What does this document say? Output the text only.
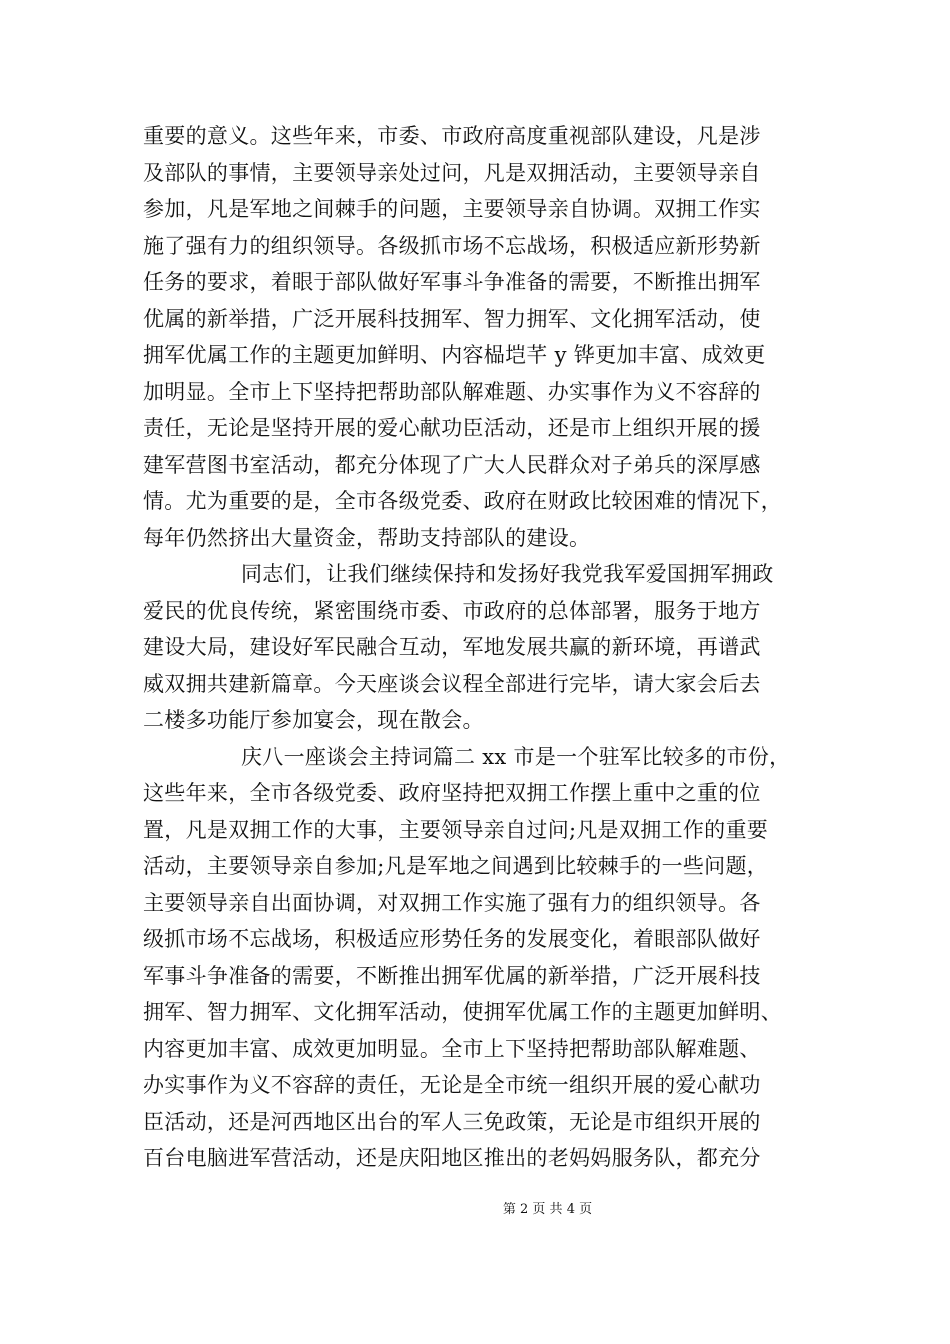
重要的意义。这些年来，市委、市政府高度重视部队建设，凡是涉
及部队的事情，主要领导亲处过问，凡是双拥活动，主要领导亲自
参加，凡是军地之间棘手的问题，主要领导亲自协调。双拥工作实
施了强有力的组织领导。各级抓市场不忘战场，积极适应新形势新
任务的要求，着眼于部队做好军事斗争准备的需要，不断推出拥军
优属的新举措，广泛开展科技拥军、智力拥军、文化拥军活动，使
拥军优属工作的主题更加鲜明、内容榀垲芊 y 铧更加丰富、成效更
加明显。全市上下坚持把帮助部队解难题、办实事作为义不容辞的
责任，无论是坚持开展的爱心献功臣活动，还是市上组织开展的援
建军营图书室活动，都充分体现了广大人民群众对子弟兵的深厚感
情。尤为重要的是，全市各级党委、政府在财政比较困难的情况下，
每年仍然挤出大量资金，帮助支持部队的建设。
同志们，让我们继续保持和发扬好我党我军爱国拥军拥政
爱民的优良传统，紧密围绕市委、市政府的总体部署，服务于地方
建设大局，建设好军民融合互动，军地发展共赢的新环境，再谱武
威双拥共建新篇章。今天座谈会议程全部进行完毕，请大家会后去
二楼多功能厅参加宴会，现在散会。
庆八一座谈会主持词篇二 xx 市是一个驻军比较多的市份，
这些年来，全市各级党委、政府坚持把双拥工作摆上重中之重的位
置，凡是双拥工作的大事，主要领导亲自过问;凡是双拥工作的重要
活动，主要领导亲自参加;凡是军地之间遇到比较棘手的一些问题，
主要领导亲自出面协调，对双拥工作实施了强有力的组织领导。各
级抓市场不忘战场，积极适应形势任务的发展变化，着眼部队做好
军事斗争准备的需要，不断推出拥军优属的新举措，广泛开展科技
拥军、智力拥军、文化拥军活动，使拥军优属工作的主题更加鲜明、
内容更加丰富、成效更加明显。全市上下坚持把帮助部队解难题、
办实事作为义不容辞的责任，无论是全市统一组织开展的爱心献功
臣活动，还是河西地区出台的军人三免政策，无论是市组织开展的
百台电脑进军营活动，还是庆阳地区推出的老妈妈服务队，都充分
第 2 页 共 4 页
